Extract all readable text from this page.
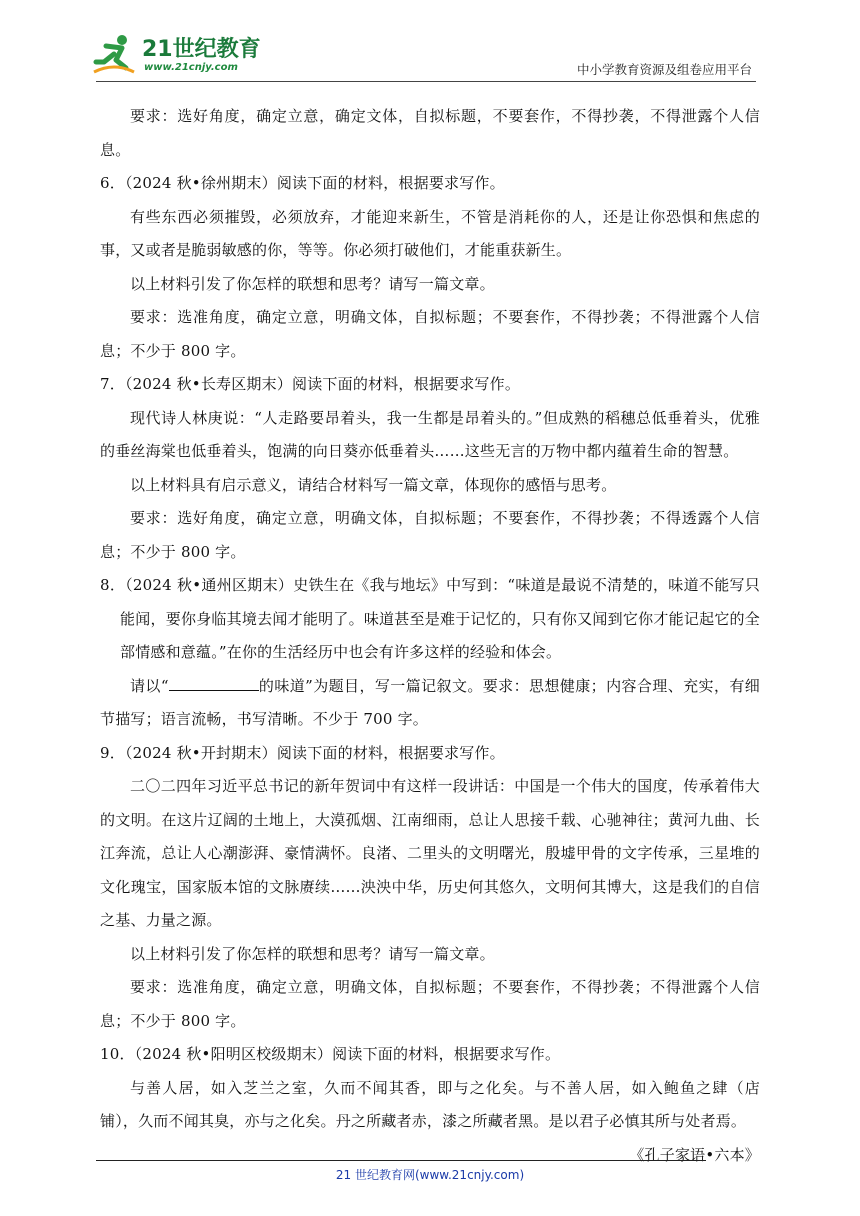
21世纪教育
www.21cnjy.com	中小学教育资源及组卷应用平台

要求：选好角度，确定立意，确定文体，自拟标题，不要套作，不得抄袭，不得泄露个人信息。

6．（2024 秋•徐州期末）阅读下面的材料，根据要求写作。

有些东西必须摧毁，必须放弃，才能迎来新生，不管是消耗你的人，还是让你恐惧和焦虑的事，又或者是脆弱敏感的你，等等。你必须打破他们，才能重获新生。

以上材料引发了你怎样的联想和思考？请写一篇文章。

要求：选准角度，确定立意，明确文体，自拟标题；不要套作，不得抄袭；不得泄露个人信息；不少于 800 字。

7．（2024 秋•长寿区期末）阅读下面的材料，根据要求写作。

现代诗人林庚说：“人走路要昂着头，我一生都是昂着头的。”但成熟的稻穗总低垂着头，优雅的垂丝海棠也低垂着头，饱满的向日葵亦低垂着头……这些无言的万物中都内蕴着生命的智慧。

以上材料具有启示意义，请结合材料写一篇文章，体现你的感悟与思考。

要求：选好角度，确定立意，明确文体，自拟标题；不要套作，不得抄袭；不得透露个人信息；不少于 800 字。

8．（2024 秋•通州区期末）史铁生在《我与地坛》中写到：“味道是最说不清楚的，味道不能写只能闻，要你身临其境去闻才能明了。味道甚至是难于记忆的，只有你又闻到它你才能记起它的全部情感和意蕴。”在你的生活经历中也会有许多这样的经验和体会。

请以“	的味道”为题目，写一篇记叙文。要求：思想健康；内容合理、充实，有细节描写；语言流畅，书写清晰。不少于 700 字。

9．（2024 秋•开封期末）阅读下面的材料，根据要求写作。

二〇二四年习近平总书记的新年贺词中有这样一段讲话：中国是一个伟大的国度，传承着伟大的文明。在这片辽阔的土地上，大漠孤烟、江南细雨，总让人思接千载、心驰神往；黄河九曲、长江奔流，总让人心潮澎湃、豪情满怀。良渚、二里头的文明曙光，殷墟甲骨的文字传承，三星堆的文化瑰宝，国家版本馆的文脉赓续……泱泱中华，历史何其悠久，文明何其博大，这是我们的自信之基、力量之源。

以上材料引发了你怎样的联想和思考？请写一篇文章。

要求：选准角度，确定立意，明确文体，自拟标题；不要套作，不得抄袭；不得泄露个人信息；不少于 800 字。

10．（2024 秋•阳明区校级期末）阅读下面的材料，根据要求写作。

与善人居，如入芝兰之室，久而不闻其香，即与之化矣。与不善人居，如入鲍鱼之肆（店铺），久而不闻其臭，亦与之化矣。丹之所藏者赤，漆之所藏者黑。是以君子必慎其所与处者焉。

《孔子家语•六本》

21 世纪教育网(www.21cnjy.com)
